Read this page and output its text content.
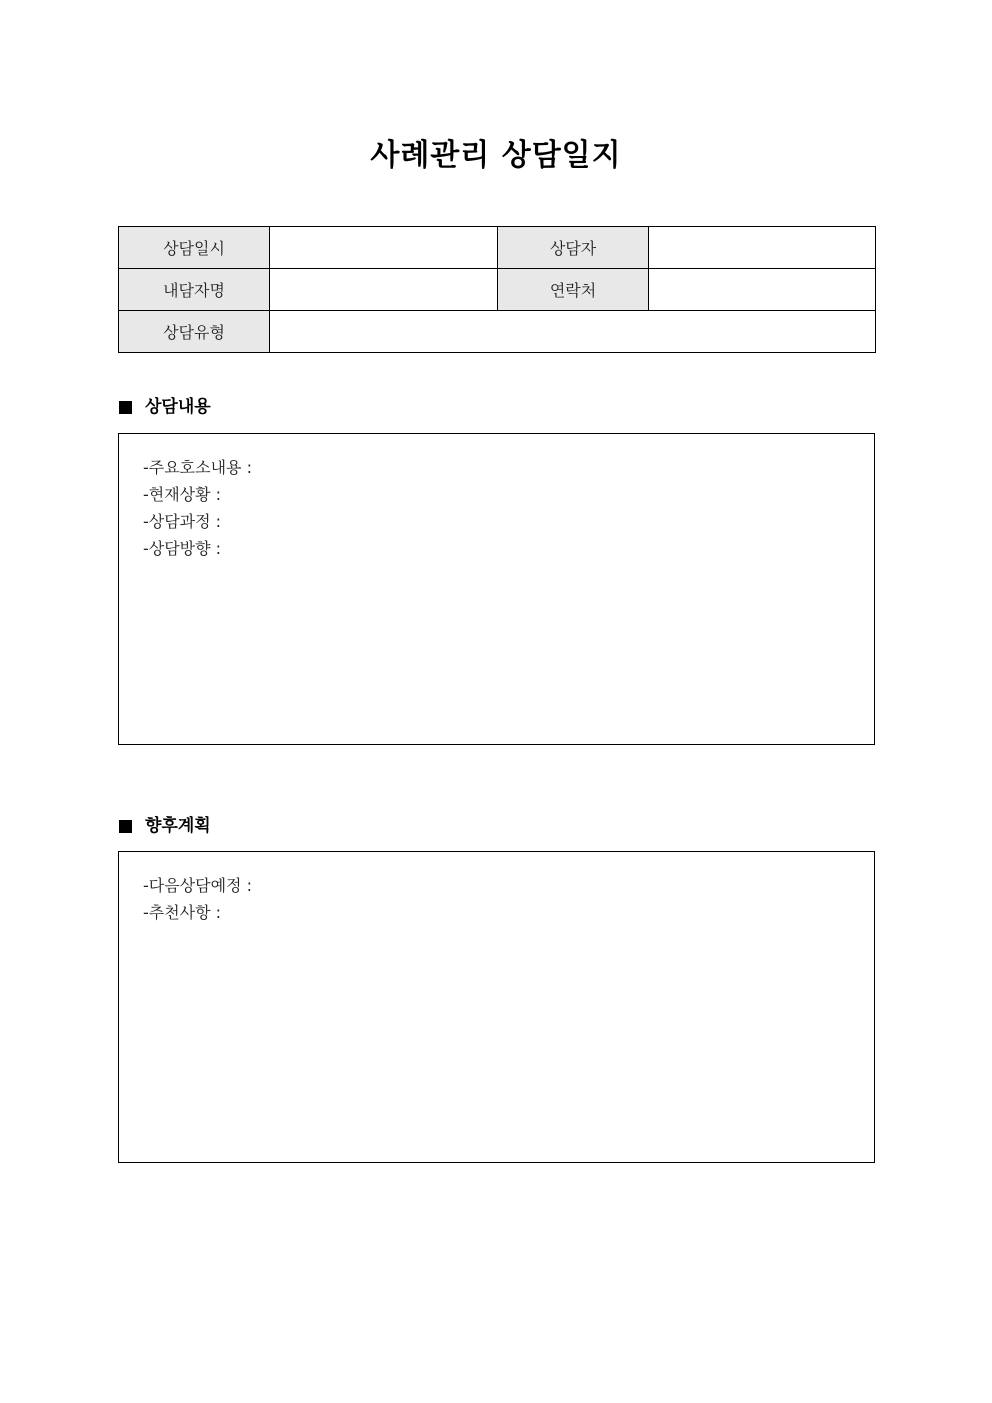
사례관리 상담일지
상담일시		상담자	
내담자명		연락처	
상담유형			
상담내용
-주요호소내용 :
-현재상황 :
-상담과정 :
-상담방향 :
향후계획
-다음상담예정 :
-추천사항 :
